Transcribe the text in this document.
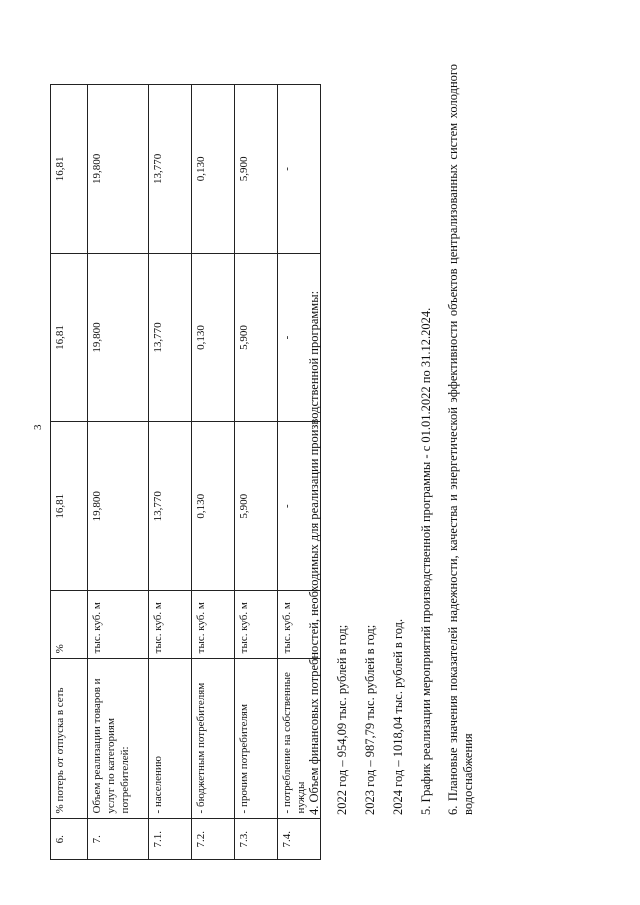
3
6.	% потерь от отпуска в сеть	%	16,81	16,81	16,81
7.	Объем реализации товаров и услуг по категориям потребителей:	тыс. куб. м	19,800	19,800	19,800
7.1.	- населению	тыс. куб. м	13,770	13,770	13,770
7.2.	- бюджетным потребителям	тыс. куб. м	0,130	0,130	0,130
7.3.	- прочим потребителям	тыс. куб. м	5,900	5,900	5,900
7.4.	- потребление на собственные нужды	тыс. куб. м	-	-	-

4. Объем финансовых потребностей, необходимых для реализации производственной программы:	2022 год – 954,09 тыс. рублей в год;	2023 год – 987,79 тыс. рублей в год;	2024 год – 1018,04 тыс. рублей в год.	5. График реализации мероприятий производственной программы - с 01.01.2022 по 31.12.2024.	6. Плановые значения показателей надежности, качества и энергетической эффективности объектов централизованных систем холодного водоснабжения
